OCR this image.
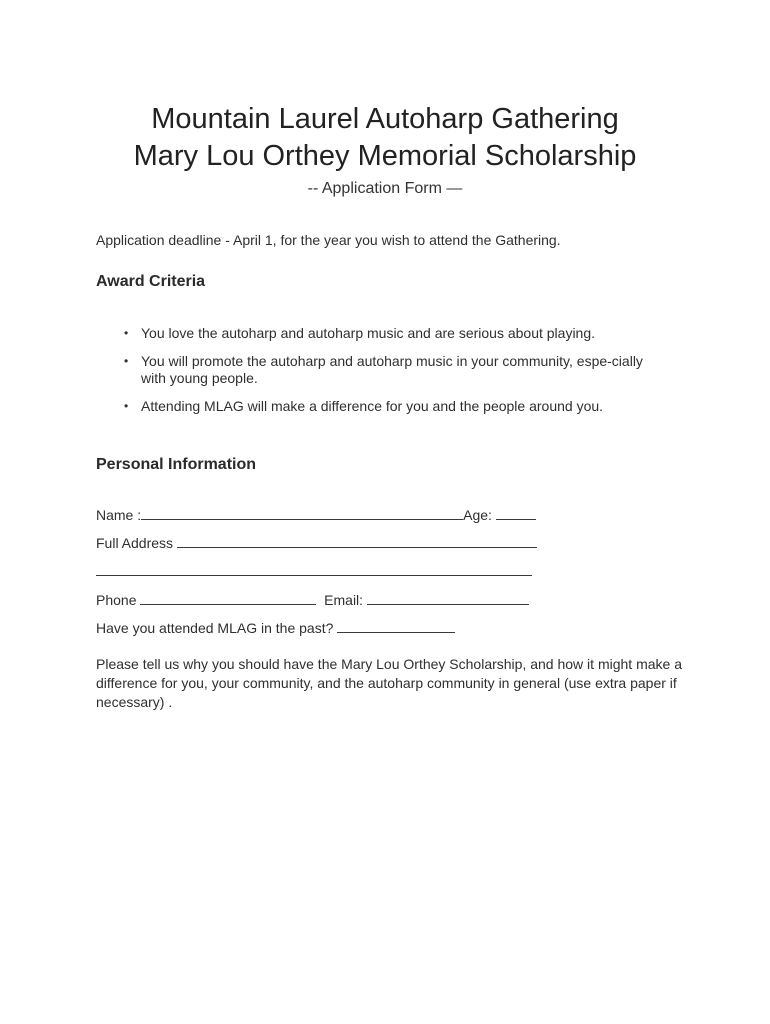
Mountain Laurel Autoharp Gathering
Mary Lou Orthey Memorial Scholarship
-- Application Form —
Application deadline - April 1, for the year you wish to attend the Gathering.
Award Criteria
• You love the autoharp and autoharp music and are serious about playing.
• You will promote the autoharp and autoharp music in your community, espe-cially with young people.
• Attending MLAG will make a difference for you and the people around you.
Personal Information
Name :	Age:
Full Address
Phone	Email:
Have you attended MLAG in the past?
Please tell us why you should have the Mary Lou Orthey Scholarship, and how it might make a difference for you, your community, and the autoharp community in general (use extra paper if necessary) .
